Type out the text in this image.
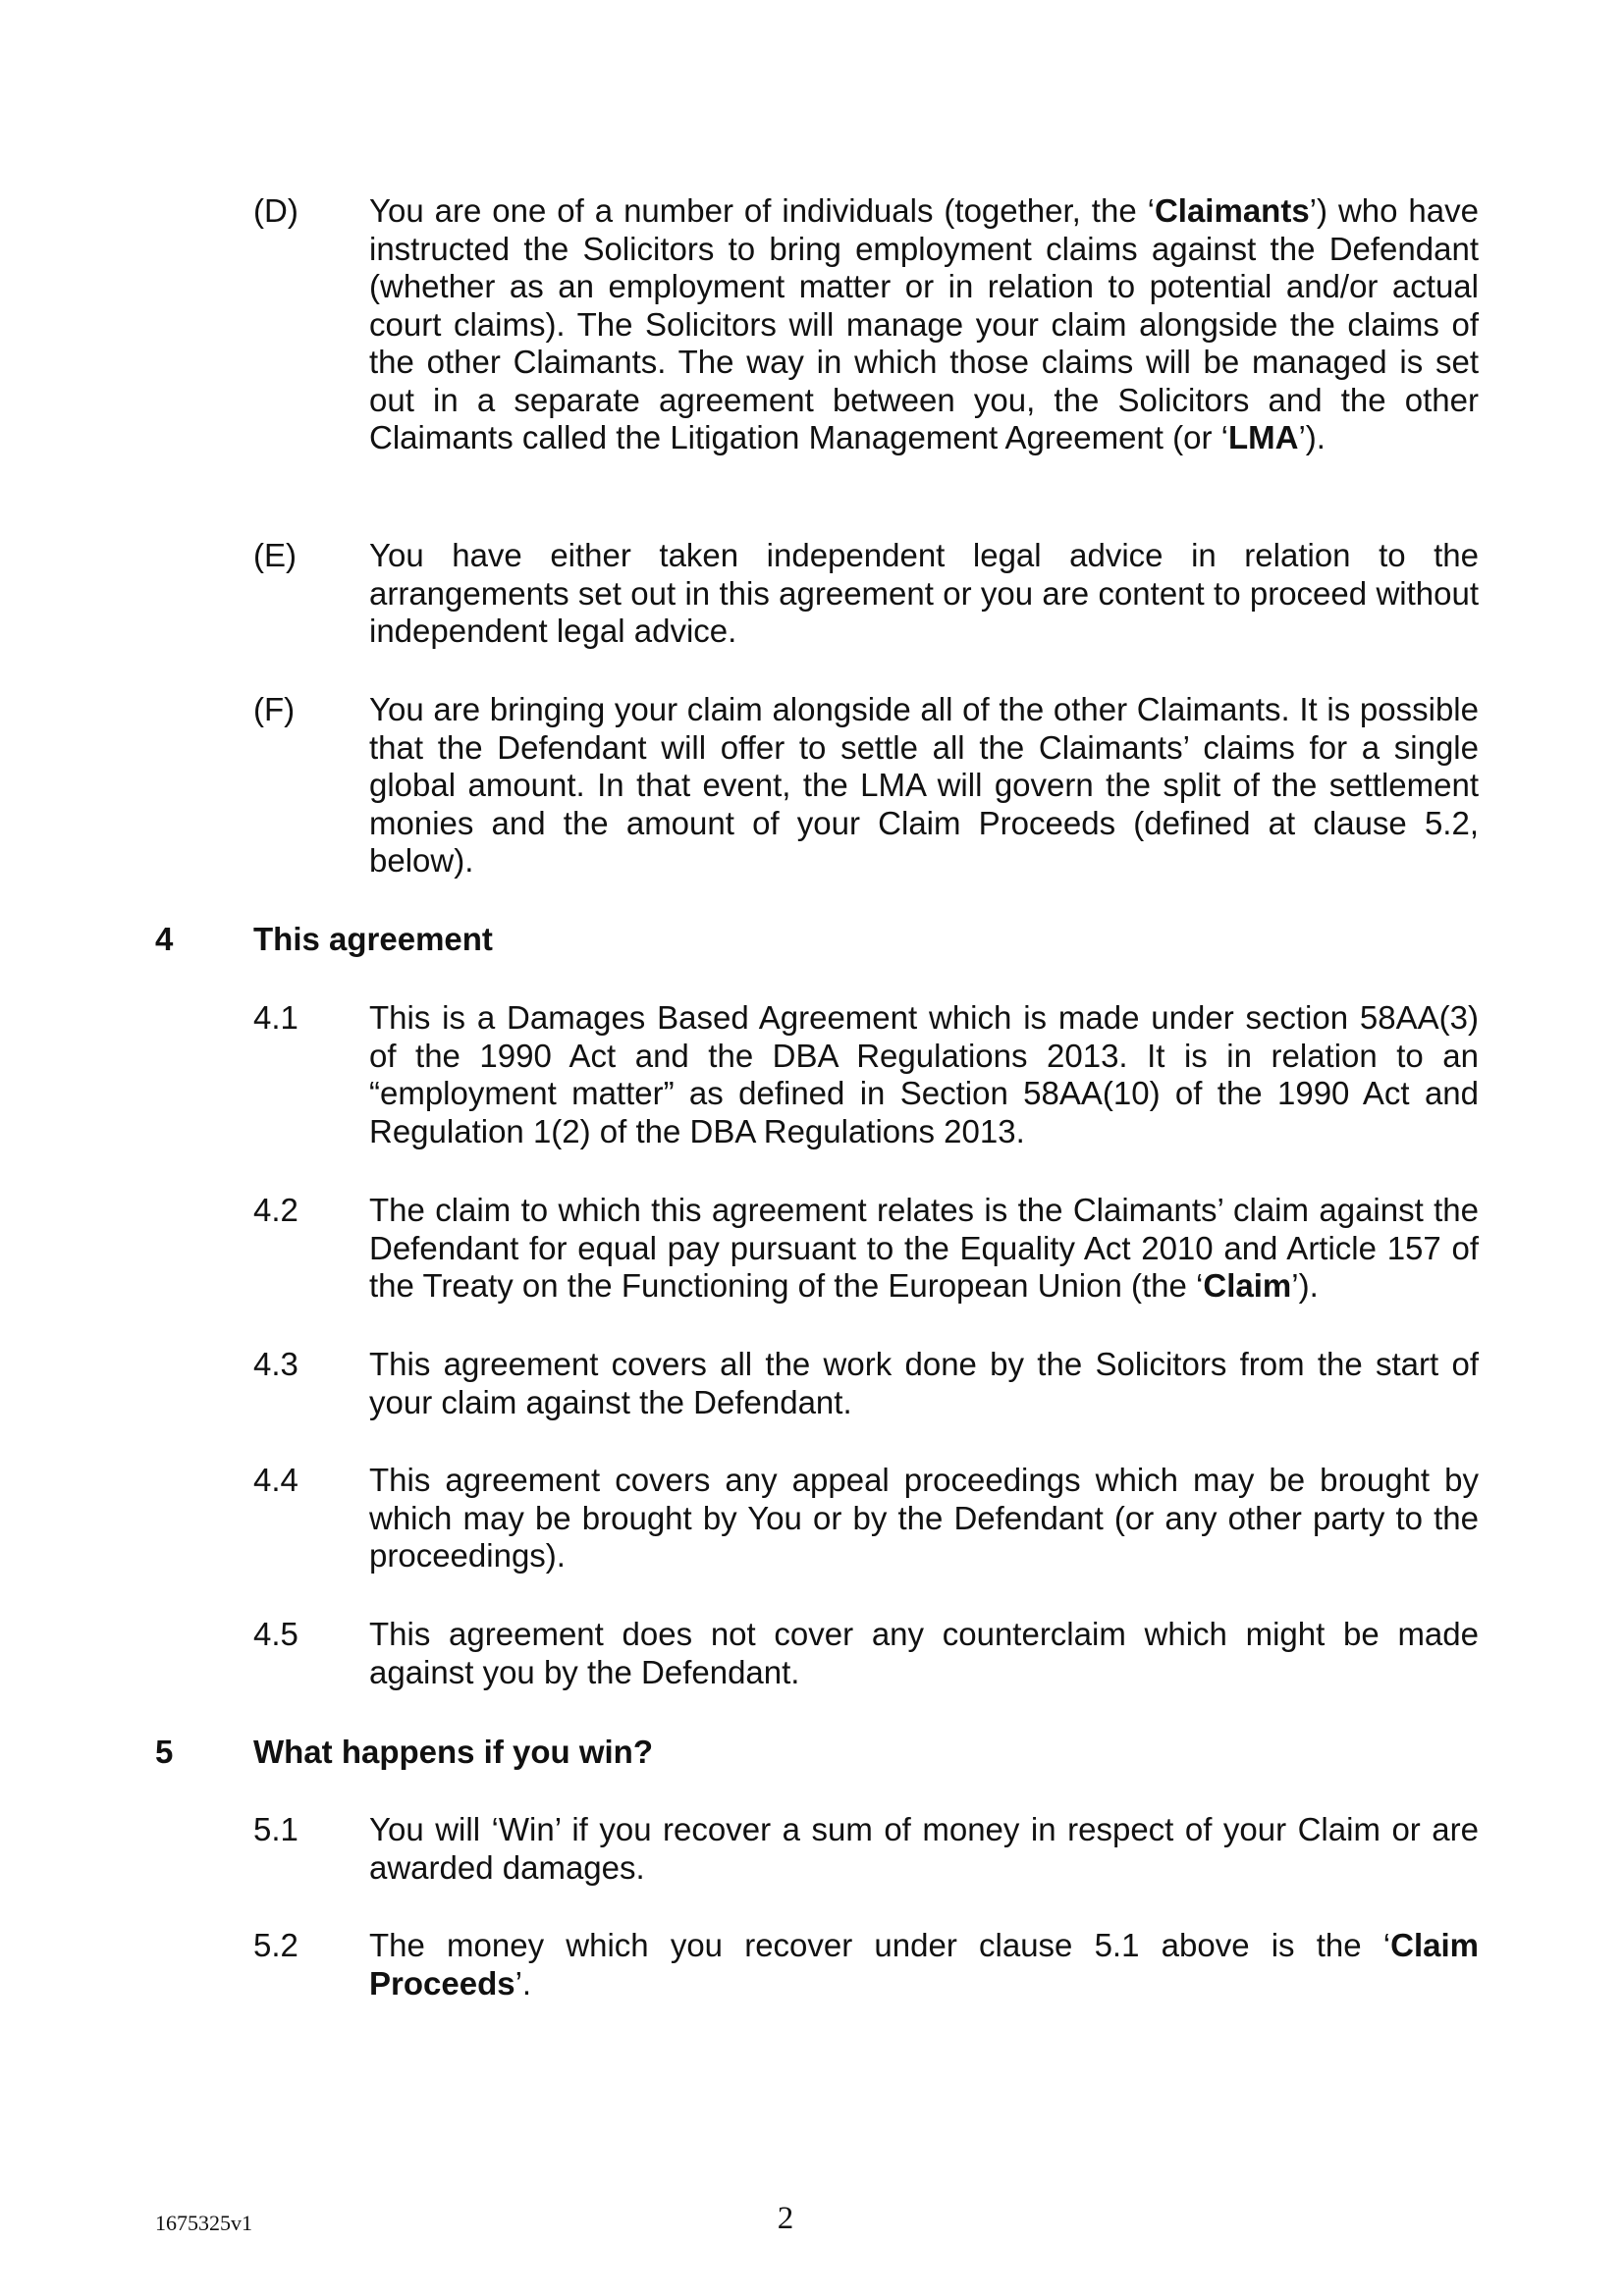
(D)	You are one of a number of individuals (together, the ‘Claimants’) who have instructed the Solicitors to bring employment claims against the Defendant (whether as an employment matter or in relation to potential and/or actual court claims). The Solicitors will manage your claim alongside the claims of the other Claimants. The way in which those claims will be managed is set out in a separate agreement between you, the Solicitors and the other Claimants called the Litigation Management Agreement (or ‘LMA’).
(E)	You have either taken independent legal advice in relation to the arrangements set out in this agreement or you are content to proceed without independent legal advice.
(F)	You are bringing your claim alongside all of the other Claimants. It is possible that the Defendant will offer to settle all the Claimants’ claims for a single global amount. In that event, the LMA will govern the split of the settlement monies and the amount of your Claim Proceeds (defined at clause 5.2, below).
4 This agreement
4.1	This is a Damages Based Agreement which is made under section 58AA(3) of the 1990 Act and the DBA Regulations 2013. It is in relation to an “employment matter” as defined in Section 58AA(10) of the 1990 Act and Regulation 1(2) of the DBA Regulations 2013.
4.2	The claim to which this agreement relates is the Claimants’ claim against the Defendant for equal pay pursuant to the Equality Act 2010 and Article 157 of the Treaty on the Functioning of the European Union (the ‘Claim’).
4.3	This agreement covers all the work done by the Solicitors from the start of your claim against the Defendant.
4.4	This agreement covers any appeal proceedings which may be brought by which may be brought by You or by the Defendant (or any other party to the proceedings).
4.5	This agreement does not cover any counterclaim which might be made against you by the Defendant.
5 What happens if you win?
5.1	You will ‘Win’ if you recover a sum of money in respect of your Claim or are awarded damages.
5.2	The money which you recover under clause 5.1 above is the ‘Claim Proceeds’.
1675325v1	2
